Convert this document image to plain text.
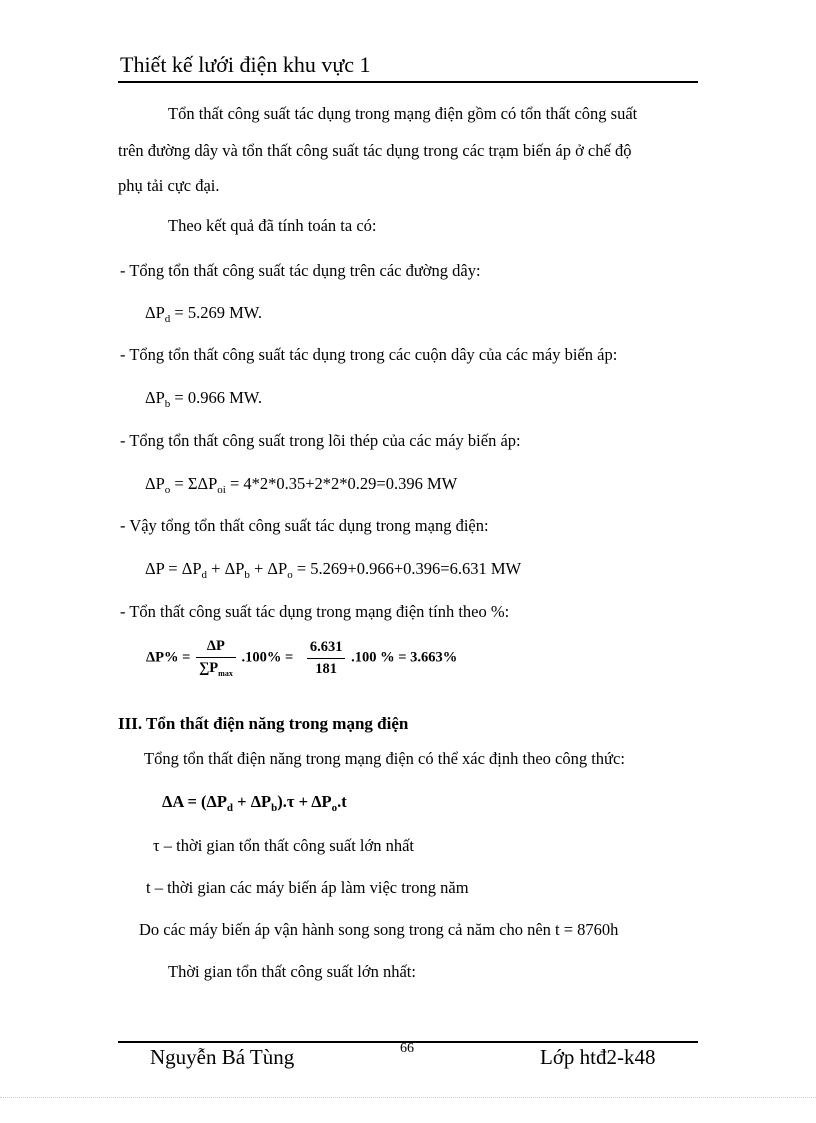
Thiết kế lưới điện khu vực 1
Tổn thất công suất tác dụng trong mạng điện gồm có tổn thất công suất
trên đường dây và tổn thất công suất tác dụng trong các trạm biến áp ở chế độ
phụ tải cực đại.
Theo kết quả đã tính toán ta có:
- Tổng tổn thất công suất tác dụng trên các đường dây:
$\Delta P_d = 5.269$ MW.
- Tổng tổn thất công suất tác dụng trong các cuộn dây của các máy biến áp:
$\Delta P_b = 0.966$ MW.
- Tổng tổn thất công suất trong lõi thép của các máy biến áp:
$\Delta P_o = \Sigma\Delta P_{oi} = 4*2*0.35+2*2*0.29=0.396$ MW
- Vậy tổng tổn thất công suất tác dụng trong mạng điện:
$\Delta P = \Delta P_d + \Delta P_b + \Delta P_o = 5.269+0.966+0.396=6.631$ MW
- Tổn thất công suất tác dụng trong mạng điện tính theo %:
$\Delta P\% = \frac{\Delta P}{\sum P_{max}} .100\% = \frac{6.631}{181} .100$ % = 3.663%
III. Tổn thất điện năng trong mạng điện
Tổng tổn thất điện năng trong mạng điện có thể xác định theo công thức:
$\Delta A = (\Delta P_d + \Delta P_b).\tau + \Delta P_o.t$
τ – thời gian tổn thất công suất lớn nhất
t – thời gian các máy biến áp làm việc trong năm
Do các máy biến áp vận hành song song trong cả năm cho nên t = 8760h
Thời gian tổn thất công suất lớn nhất:
Nguyễn Bá Tùng	66	Lớp htđ2-k48
